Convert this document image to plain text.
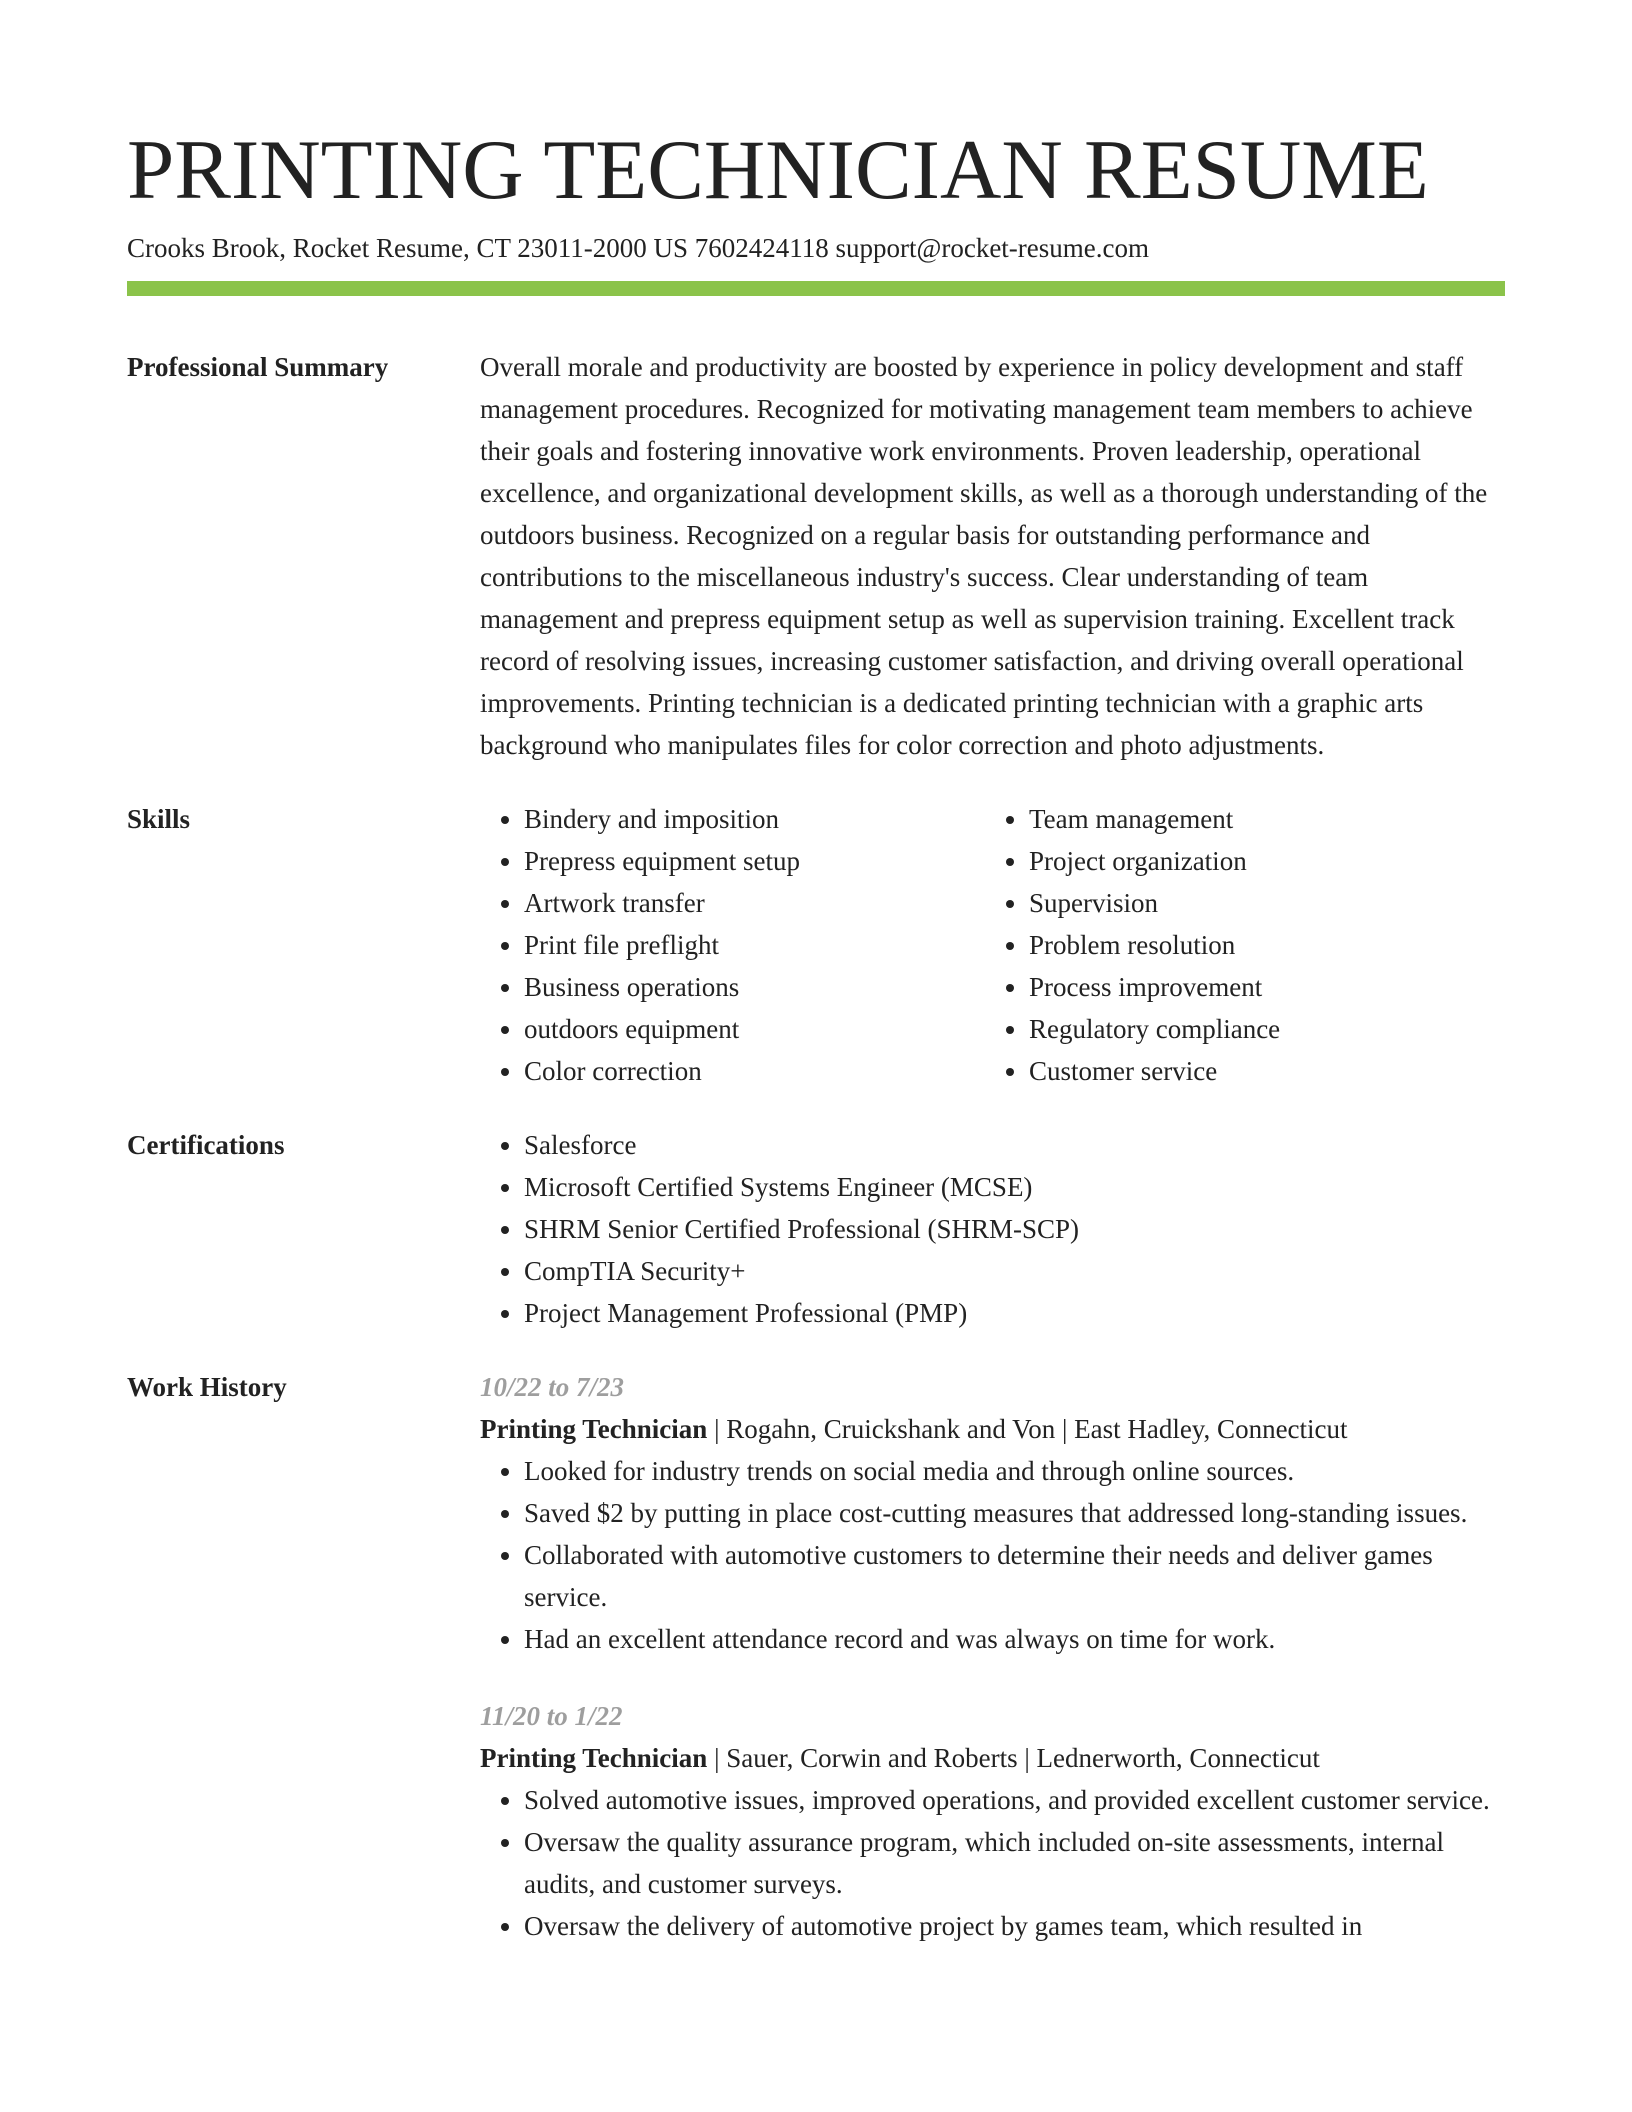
PRINTING TECHNICIAN RESUME
Crooks Brook, Rocket Resume, CT 23011-2000 US 7602424118 support@rocket-resume.com
Professional Summary	Overall morale and productivity are boosted by experience in policy development and staff management procedures. Recognized for motivating management team members to achieve their goals and fostering innovative work environments. Proven leadership, operational excellence, and organizational development skills, as well as a thorough understanding of the outdoors business. Recognized on a regular basis for outstanding performance and contributions to the miscellaneous industry's success. Clear understanding of team management and prepress equipment setup as well as supervision training. Excellent track record of resolving issues, increasing customer satisfaction, and driving overall operational improvements. Printing technician is a dedicated printing technician with a graphic arts background who manipulates files for color correction and photo adjustments.

Skills	• Bindery and imposition
• Prepress equipment setup
• Artwork transfer
• Print file preflight
• Business operations
• outdoors equipment
• Color correction
• Team management
• Project organization
• Supervision
• Problem resolution
• Process improvement
• Regulatory compliance
• Customer service
Certifications	• Salesforce
• Microsoft Certified Systems Engineer (MCSE)
• SHRM Senior Certified Professional (SHRM-SCP)
• CompTIA Security+
• Project Management Professional (PMP)
Work History	10/22 to 7/23
Printing Technician | Rogahn, Cruickshank and Von | East Hadley, Connecticut
• Looked for industry trends on social media and through online sources.
• Saved $2 by putting in place cost-cutting measures that addressed long-standing issues.
• Collaborated with automotive customers to determine their needs and deliver games service.
• Had an excellent attendance record and was always on time for work.
11/20 to 1/22
Printing Technician | Sauer, Corwin and Roberts | Lednerworth, Connecticut
• Solved automotive issues, improved operations, and provided excellent customer service.
• Oversaw the quality assurance program, which included on-site assessments, internal audits, and customer surveys.
• Oversaw the delivery of automotive project by games team, which resulted in
